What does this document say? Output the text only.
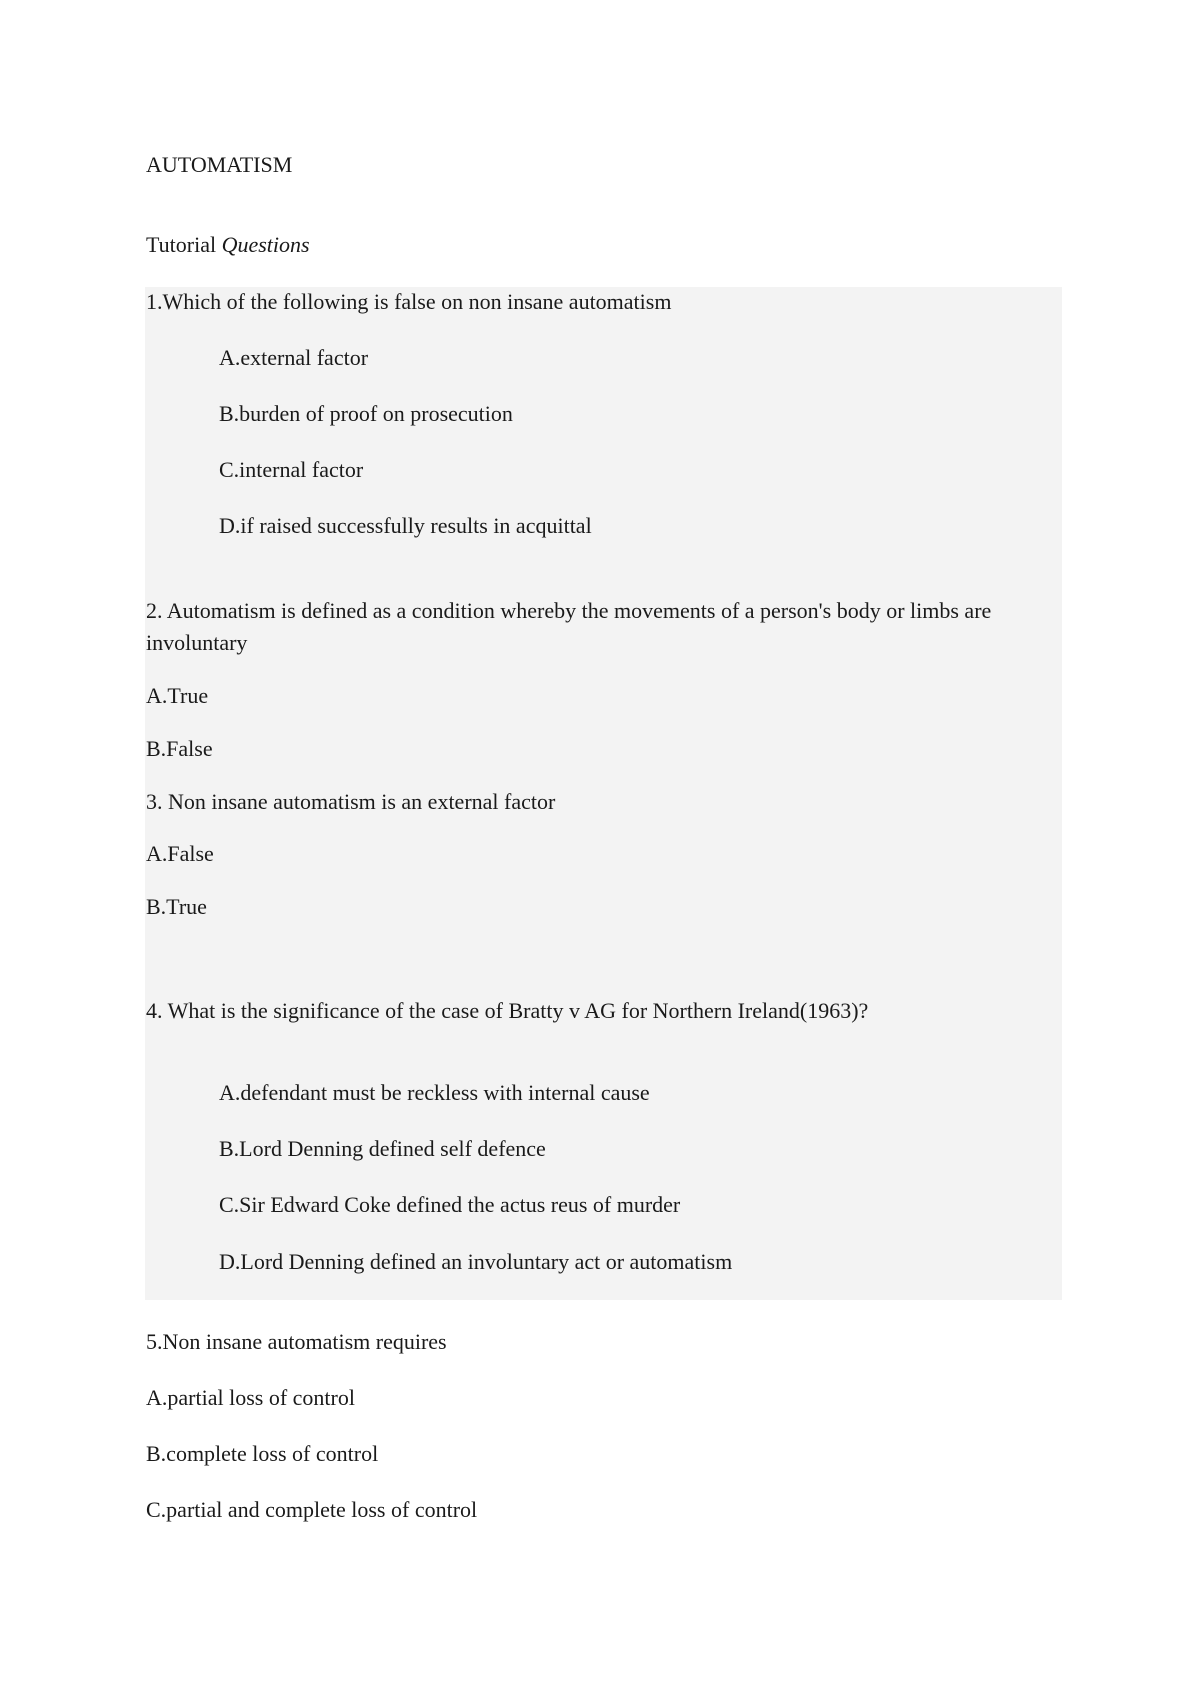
AUTOMATISM
Tutorial Questions
1.Which of the following is false on non insane automatism
A.external factor
B.burden of proof on prosecution
C.internal factor
D.if raised successfully results in acquittal
2. Automatism is defined as a condition whereby the movements of a person's body or limbs are involuntary
A.True
B.False
3. Non insane automatism is an external factor
A.False
B.True
4. What is the significance of the case of Bratty v AG for Northern Ireland(1963)?
A.defendant must be reckless with internal cause
B.Lord Denning defined self defence
C.Sir Edward Coke defined the actus reus of murder
D.Lord Denning defined an involuntary act or automatism
5.Non insane automatism requires
A.partial loss of control
B.complete loss of control
C.partial and complete loss of control
